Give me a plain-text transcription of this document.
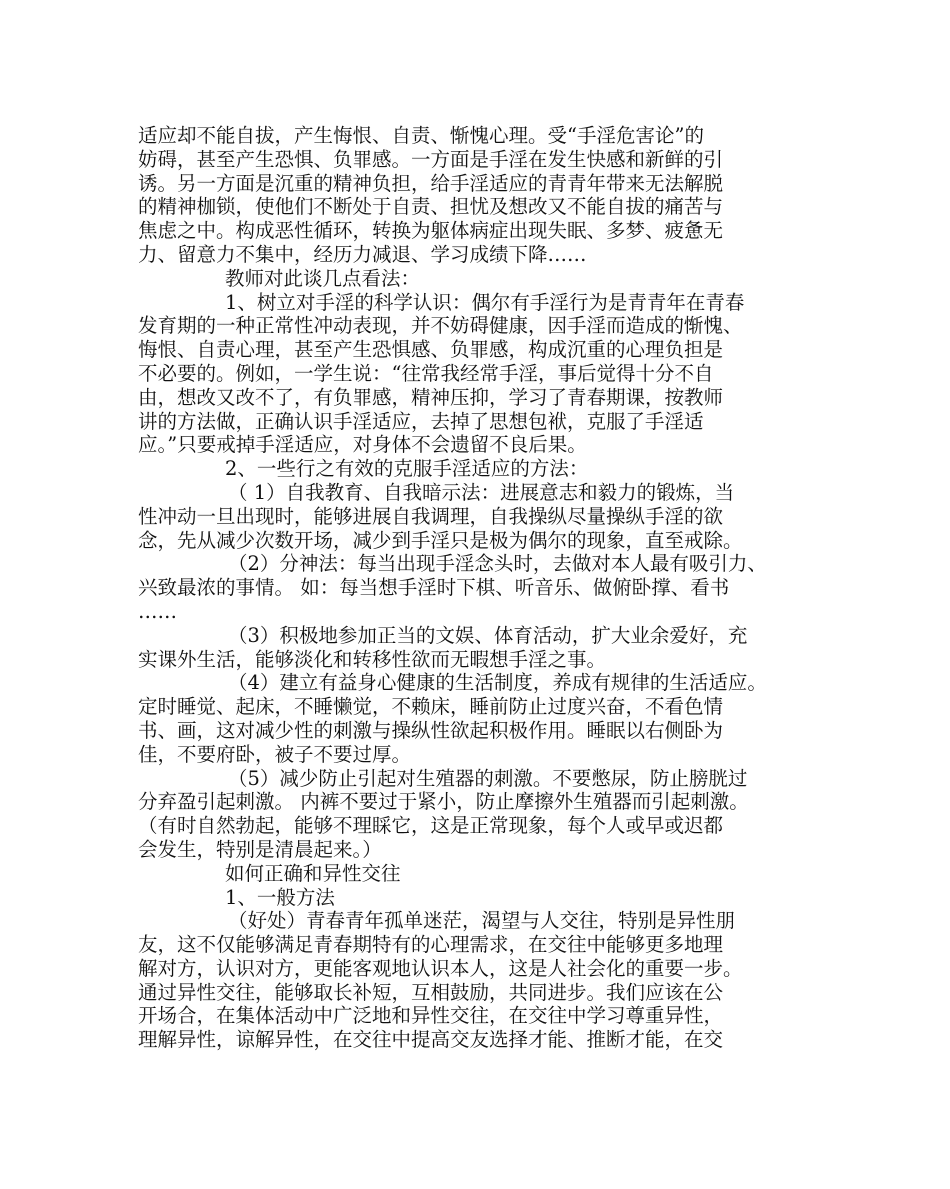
适应却不能自拔，产生悔恨、自责、惭愧心理。受“手淫危害论”的
妨碍，甚至产生恐惧、负罪感。一方面是手淫在发生快感和新鲜的引
诱。另一方面是沉重的精神负担，给手淫适应的青青年带来无法解脱
的精神枷锁，使他们不断处于自责、担忧及想改又不能自拔的痛苦与
焦虑之中。构成恶性循环，转换为躯体病症出现失眠、多梦、疲惫无
力、留意力不集中，经历力减退、学习成绩下降……
教师对此谈几点看法：
1、树立对手淫的科学认识：偶尔有手淫行为是青青年在青春
发育期的一种正常性冲动表现，并不妨碍健康，因手淫而造成的惭愧、
悔恨、自责心理，甚至产生恐惧感、负罪感，构成沉重的心理负担是
不必要的。例如，一学生说：“往常我经常手淫，事后觉得十分不自
由，想改又改不了，有负罪感，精神压抑，学习了青春期课，按教师
讲的方法做，正确认识手淫适应，去掉了思想包袱，克服了手淫适
应。”只要戒掉手淫适应，对身体不会遗留不良后果。
2、一些行之有效的克服手淫适应的方法：
（ 1）自我教育、自我暗示法：进展意志和毅力的锻炼，当
性冲动一旦出现时，能够进展自我调理，自我操纵尽量操纵手淫的欲
念，先从减少次数开场，减少到手淫只是极为偶尔的现象，直至戒除。
（2）分神法：每当出现手淫念头时，去做对本人最有吸引力、
兴致最浓的事情。 如：每当想手淫时下棋、听音乐、做俯卧撑、看书
……
（3）积极地参加正当的文娱、体育活动，扩大业余爱好，充
实课外生活，能够淡化和转移性欲而无暇想手淫之事。
（4）建立有益身心健康的生活制度，养成有规律的生活适应。
定时睡觉、起床，不睡懒觉，不赖床，睡前防止过度兴奋，不看色情
书、画，这对减少性的刺激与操纵性欲起积极作用。睡眠以右侧卧为
佳，不要府卧，被子不要过厚。
（5）减少防止引起对生殖器的刺激。不要憋尿，防止膀胱过
分弃盈引起刺激。 内裤不要过于紧小，防止摩擦外生殖器而引起刺激。
（有时自然勃起，能够不理睬它，这是正常现象，每个人或早或迟都
会发生，特别是清晨起来。）
如何正确和异性交往
1、一般方法
（好处）青春青年孤单迷茫，渴望与人交往，特别是异性朋
友，这不仅能够满足青春期特有的心理需求，在交往中能够更多地理
解对方，认识对方，更能客观地认识本人，这是人社会化的重要一步。
通过异性交往，能够取长补短，互相鼓励，共同进步。我们应该在公
开场合，在集体活动中广泛地和异性交往，在交往中学习尊重异性，
理解异性，谅解异性，在交往中提高交友选择才能、推断才能，在交
